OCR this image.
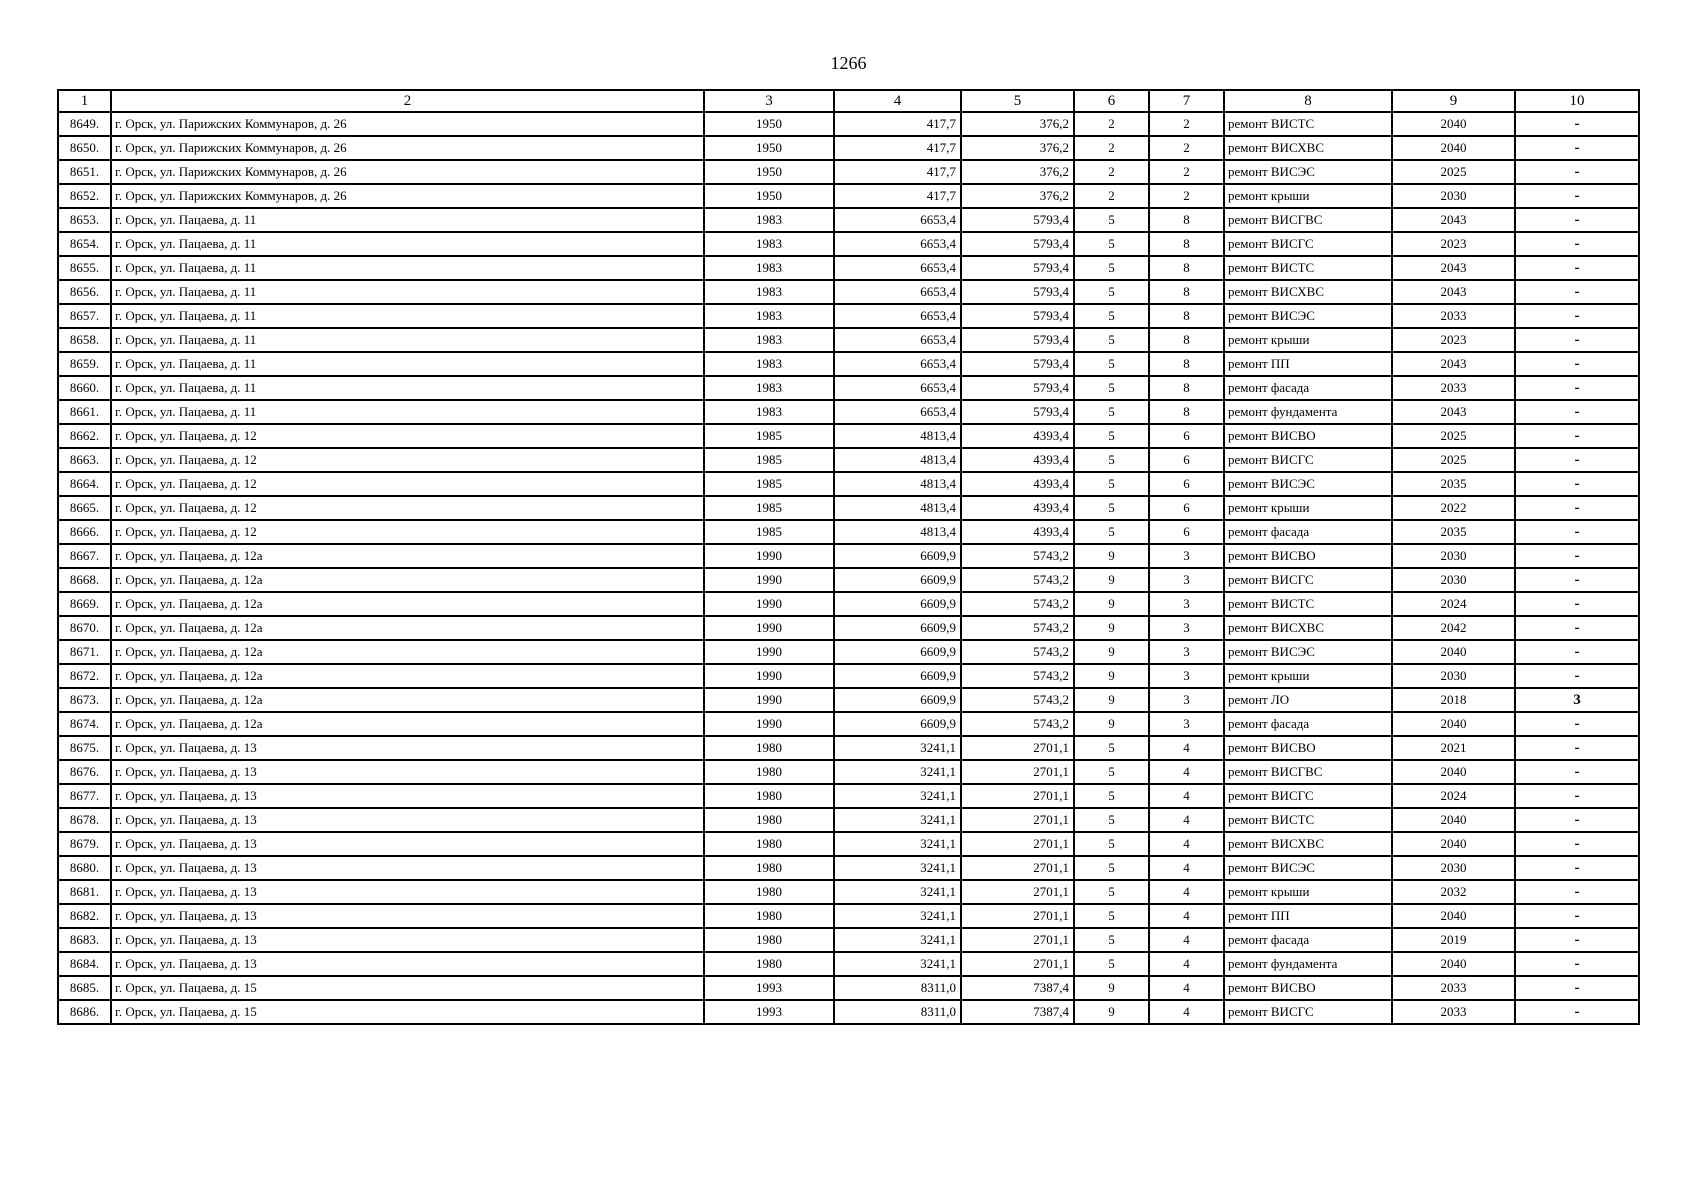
1266
1	2	3	4	5	6	7	8	9	10
8649.	г. Орск, ул. Парижских Коммунаров, д. 26	1950	417,7	376,2	2	2	ремонт ВИСТС	2040	-
8650.	г. Орск, ул. Парижских Коммунаров, д. 26	1950	417,7	376,2	2	2	ремонт ВИСХВС	2040	-
8651.	г. Орск, ул. Парижских Коммунаров, д. 26	1950	417,7	376,2	2	2	ремонт ВИСЭС	2025	-
8652.	г. Орск, ул. Парижских Коммунаров, д. 26	1950	417,7	376,2	2	2	ремонт крыши	2030	-
8653.	г. Орск, ул. Пацаева, д. 11	1983	6653,4	5793,4	5	8	ремонт ВИСГВС	2043	-
8654.	г. Орск, ул. Пацаева, д. 11	1983	6653,4	5793,4	5	8	ремонт ВИСГС	2023	-
8655.	г. Орск, ул. Пацаева, д. 11	1983	6653,4	5793,4	5	8	ремонт ВИСТС	2043	-
8656.	г. Орск, ул. Пацаева, д. 11	1983	6653,4	5793,4	5	8	ремонт ВИСХВС	2043	-
8657.	г. Орск, ул. Пацаева, д. 11	1983	6653,4	5793,4	5	8	ремонт ВИСЭС	2033	-
8658.	г. Орск, ул. Пацаева, д. 11	1983	6653,4	5793,4	5	8	ремонт крыши	2023	-
8659.	г. Орск, ул. Пацаева, д. 11	1983	6653,4	5793,4	5	8	ремонт ПП	2043	-
8660.	г. Орск, ул. Пацаева, д. 11	1983	6653,4	5793,4	5	8	ремонт фасада	2033	-
8661.	г. Орск, ул. Пацаева, д. 11	1983	6653,4	5793,4	5	8	ремонт фундамента	2043	-
8662.	г. Орск, ул. Пацаева, д. 12	1985	4813,4	4393,4	5	6	ремонт ВИСВО	2025	-
8663.	г. Орск, ул. Пацаева, д. 12	1985	4813,4	4393,4	5	6	ремонт ВИСГС	2025	-
8664.	г. Орск, ул. Пацаева, д. 12	1985	4813,4	4393,4	5	6	ремонт ВИСЭС	2035	-
8665.	г. Орск, ул. Пацаева, д. 12	1985	4813,4	4393,4	5	6	ремонт крыши	2022	-
8666.	г. Орск, ул. Пацаева, д. 12	1985	4813,4	4393,4	5	6	ремонт фасада	2035	-
8667.	г. Орск, ул. Пацаева, д. 12а	1990	6609,9	5743,2	9	3	ремонт ВИСВО	2030	-
8668.	г. Орск, ул. Пацаева, д. 12а	1990	6609,9	5743,2	9	3	ремонт ВИСГС	2030	-
8669.	г. Орск, ул. Пацаева, д. 12а	1990	6609,9	5743,2	9	3	ремонт ВИСТС	2024	-
8670.	г. Орск, ул. Пацаева, д. 12а	1990	6609,9	5743,2	9	3	ремонт ВИСХВС	2042	-
8671.	г. Орск, ул. Пацаева, д. 12а	1990	6609,9	5743,2	9	3	ремонт ВИСЭС	2040	-
8672.	г. Орск, ул. Пацаева, д. 12а	1990	6609,9	5743,2	9	3	ремонт крыши	2030	-
8673.	г. Орск, ул. Пацаева, д. 12а	1990	6609,9	5743,2	9	3	ремонт ЛО	2018	3
8674.	г. Орск, ул. Пацаева, д. 12а	1990	6609,9	5743,2	9	3	ремонт фасада	2040	-
8675.	г. Орск, ул. Пацаева, д. 13	1980	3241,1	2701,1	5	4	ремонт ВИСВО	2021	-
8676.	г. Орск, ул. Пацаева, д. 13	1980	3241,1	2701,1	5	4	ремонт ВИСГВС	2040	-
8677.	г. Орск, ул. Пацаева, д. 13	1980	3241,1	2701,1	5	4	ремонт ВИСГС	2024	-
8678.	г. Орск, ул. Пацаева, д. 13	1980	3241,1	2701,1	5	4	ремонт ВИСТС	2040	-
8679.	г. Орск, ул. Пацаева, д. 13	1980	3241,1	2701,1	5	4	ремонт ВИСХВС	2040	-
8680.	г. Орск, ул. Пацаева, д. 13	1980	3241,1	2701,1	5	4	ремонт ВИСЭС	2030	-
8681.	г. Орск, ул. Пацаева, д. 13	1980	3241,1	2701,1	5	4	ремонт крыши	2032	-
8682.	г. Орск, ул. Пацаева, д. 13	1980	3241,1	2701,1	5	4	ремонт ПП	2040	-
8683.	г. Орск, ул. Пацаева, д. 13	1980	3241,1	2701,1	5	4	ремонт фасада	2019	-
8684.	г. Орск, ул. Пацаева, д. 13	1980	3241,1	2701,1	5	4	ремонт фундамента	2040	-
8685.	г. Орск, ул. Пацаева, д. 15	1993	8311,0	7387,4	9	4	ремонт ВИСВО	2033	-
8686.	г. Орск, ул. Пацаева, д. 15	1993	8311,0	7387,4	9	4	ремонт ВИСГС	2033	-
